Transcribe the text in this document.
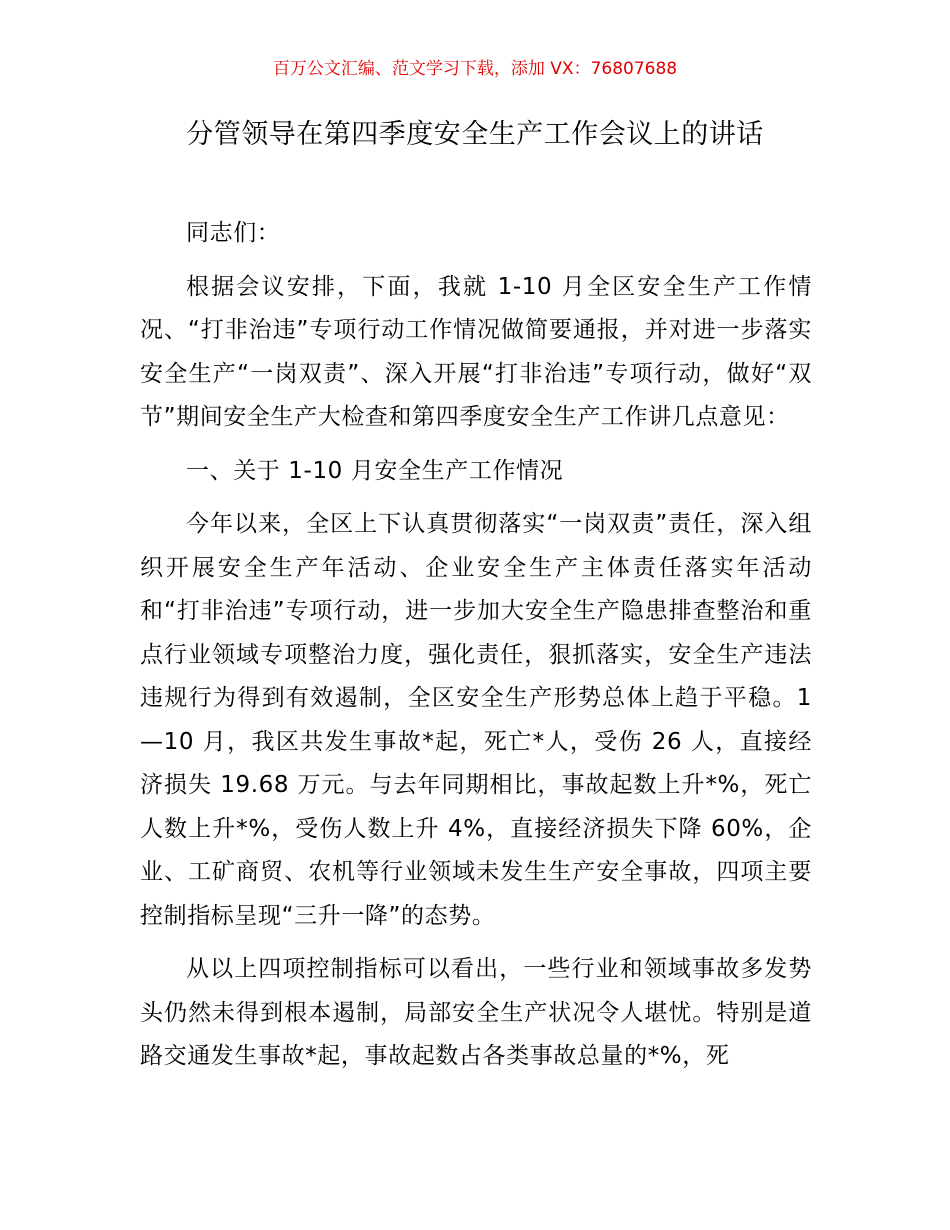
百万公文汇编、范文学习下载，添加 VX：76807688
分管领导在第四季度安全生产工作会议上的讲话

同志们：

根据会议安排，下面，我就 1-10 月全区安全生产工作情况、“打非治违”专项行动工作情况做简要通报，并对进一步落实安全生产“一岗双责”、深入开展“打非治违”专项行动，做好“双节”期间安全生产大检查和第四季度安全生产工作讲几点意见：

一、关于 1-10 月安全生产工作情况

今年以来，全区上下认真贯彻落实“一岗双责”责任，深入组织开展安全生产年活动、企业安全生产主体责任落实年活动和“打非治违”专项行动，进一步加大安全生产隐患排查整治和重点行业领域专项整治力度，强化责任，狠抓落实，安全生产违法违规行为得到有效遏制，全区安全生产形势总体上趋于平稳。1—10 月，我区共发生事故*起，死亡*人，受伤 26 人，直接经济损失 19.68 万元。与去年同期相比，事故起数上升*%，死亡人数上升*%，受伤人数上升 4%，直接经济损失下降 60%，企业、工矿商贸、农机等行业领域未发生生产安全事故，四项主要控制指标呈现“三升一降”的态势。

从以上四项控制指标可以看出，一些行业和领域事故多发势头仍然未得到根本遏制，局部安全生产状况令人堪忧。特别是道路交通发生事故*起，事故起数占各类事故总量的*%，死
